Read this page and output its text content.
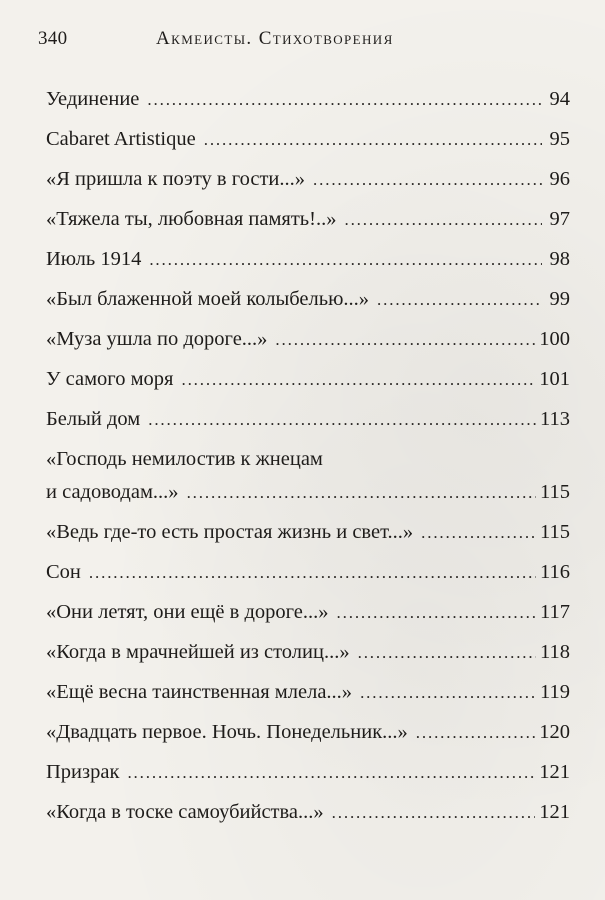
340	Акмеисты. Стихотворения
Уединение . . .	94
Cabaret Artistique . . .	95
«Я пришла к поэту в гости...» . . .	96
«Тяжела ты, любовная память!..» . . .	97
Июль 1914 . . .	98
«Был блаженной моей колыбелью...» . . .	99
«Муза ушла по дороге...» . . .	100
У самого моря . . .	101
Белый дом . . .	113
«Господь немилостив к жнецам
и садоводам...» . . .	115
«Ведь где-то есть простая жизнь и свет...» . . .	115
Сон . . .	116
«Они летят, они ещё в дороге...» . . .	117
«Когда в мрачнейшей из столиц...» . . .	118
«Ещё весна таинственная млела...» . . .	119
«Двадцать первое. Ночь. Понедельник...» . . .	120
Призрак . . .	121
«Когда в тоске самоубийства...» . . .	121
